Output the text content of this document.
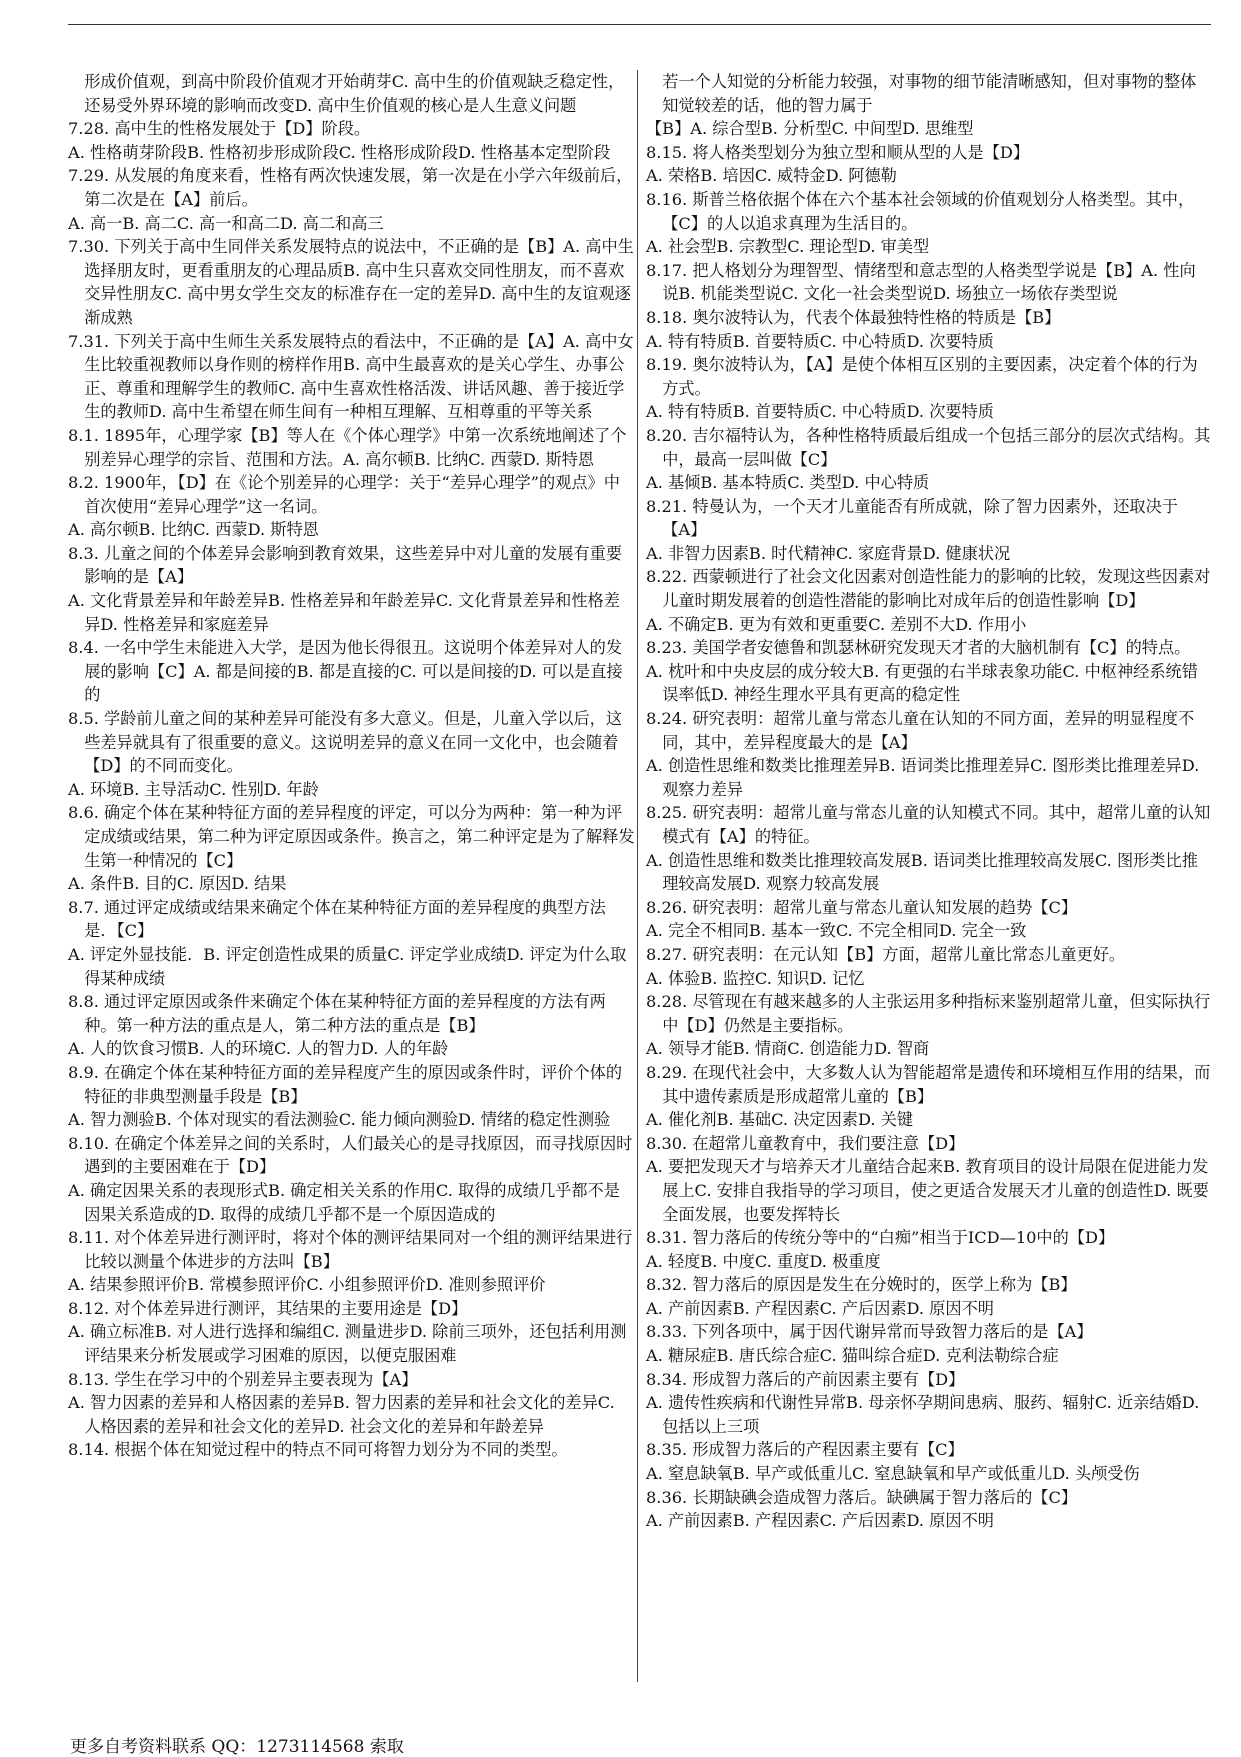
形成价值观，到高中阶段价值观才开始萌芽C. 高中生的价值观缺乏稳定性，还易受外界环境的影响而改变D. 高中生价值观的核心是人生意义问题

7.28. 高中生的性格发展处于【D】阶段。

A. 性格萌芽阶段B. 性格初步形成阶段C. 性格形成阶段D. 性格基本定型阶段

7.29. 从发展的角度来看，性格有两次快速发展，第一次是在小学六年级前后，第二次是在【A】前后。

A. 高一B. 高二C. 高一和高二D. 高二和高三

7.30. 下列关于高中生同伴关系发展特点的说法中，不正确的是【B】A. 高中生选择朋友时，更看重朋友的心理品质B. 高中生只喜欢交同性朋友，而不喜欢交异性朋友C. 高中男女学生交友的标准存在一定的差异D. 高中生的友谊观逐渐成熟

7.31. 下列关于高中生师生关系发展特点的看法中，不正确的是【A】A. 高中女生比较重视教师以身作则的榜样作用B. 高中生最喜欢的是关心学生、办事公正、尊重和理解学生的教师C. 高中生喜欢性格活泼、讲话风趣、善于接近学生的教师D. 高中生希望在师生间有一种相互理解、互相尊重的平等关系

8.1. 1895年，心理学家【B】等人在《个体心理学》中第一次系统地阐述了个别差异心理学的宗旨、范围和方法。A. 高尔顿B. 比纳C. 西蒙D. 斯特恩

8.2. 1900年，【D】在《论个别差异的心理学：关于“差异心理学”的观点》中首次使用“差异心理学”这一名词。

A. 高尔顿B. 比纳C. 西蒙D. 斯特恩

8.3. 儿童之间的个体差异会影响到教育效果，这些差异中对儿童的发展有重要影响的是【A】

A. 文化背景差异和年龄差异B. 性格差异和年龄差异C. 文化背景差异和性格差异D. 性格差异和家庭差异

8.4. 一名中学生未能进入大学，是因为他长得很丑。这说明个体差异对人的发展的影响【C】A. 都是间接的B. 都是直接的C. 可以是间接的D. 可以是直接的

8.5. 学龄前儿童之间的某种差异可能没有多大意义。但是，儿童入学以后，这些差异就具有了很重要的意义。这说明差异的意义在同一文化中，也会随着【D】的不同而变化。

A. 环境B. 主导活动C. 性别D. 年龄

8.6. 确定个体在某种特征方面的差异程度的评定，可以分为两种：第一种为评定成绩或结果，第二种为评定原因或条件。换言之，第二种评定是为了解释发生第一种情况的【C】

A. 条件B. 目的C. 原因D. 结果

8.7. 通过评定成绩或结果来确定个体在某种特征方面的差异程度的典型方法是．【C】

A. 评定外显技能．B. 评定创造性成果的质量C. 评定学业成绩D. 评定为什么取得某种成绩

8.8. 通过评定原因或条件来确定个体在某种特征方面的差异程度的方法有两种。第一种方法的重点是人，第二种方法的重点是【B】

A. 人的饮食习惯B. 人的环境C. 人的智力D. 人的年龄

8.9. 在确定个体在某种特征方面的差异程度产生的原因或条件时，评价个体的特征的非典型测量手段是【B】

A. 智力测验B. 个体对现实的看法测验C. 能力倾向测验D. 情绪的稳定性测验

8.10. 在确定个体差异之间的关系时，人们最关心的是寻找原因，而寻找原因时遇到的主要困难在于【D】

A. 确定因果关系的表现形式B. 确定相关关系的作用C. 取得的成绩几乎都不是因果关系造成的D. 取得的成绩几乎都不是一个原因造成的

8.11. 对个体差异进行测评时，将对个体的测评结果同对一个组的测评结果进行比较以测量个体进步的方法叫【B】

A. 结果参照评价B. 常模参照评价C. 小组参照评价D. 准则参照评价

8.12. 对个体差异进行测评，其结果的主要用途是【D】

A. 确立标准B. 对人进行选择和编组C. 测量进步D. 除前三项外，还包括利用测评结果来分析发展或学习困难的原因，以便克服困难

8.13. 学生在学习中的个别差异主要表现为【A】

A. 智力因素的差异和人格因素的差异B. 智力因素的差异和社会文化的差异C. 人格因素的差异和社会文化的差异D. 社会文化的差异和年龄差异

8.14. 根据个体在知觉过程中的特点不同可将智力划分为不同的类型。

若一个人知觉的分析能力较强，对事物的细节能清晰感知，但对事物的整体知觉较差的话，他的智力属于

【B】A. 综合型B. 分析型C. 中间型D. 思维型

8.15. 将人格类型划分为独立型和顺从型的人是【D】

A. 荣格B. 培因C. 威特金D. 阿德勒

8.16. 斯普兰格依据个体在六个基本社会领域的价值观划分人格类型。其中，【C】的人以追求真理为生活目的。

A. 社会型B. 宗教型C. 理论型D. 审美型

8.17. 把人格划分为理智型、情绪型和意志型的人格类型学说是【B】A. 性向说B. 机能类型说C. 文化一社会类型说D. 场独立一场依存类型说

8.18. 奥尔波特认为，代表个体最独特性格的特质是【B】

A. 特有特质B. 首要特质C. 中心特质D. 次要特质

8.19. 奥尔波特认为，【A】是使个体相互区别的主要因素，决定着个体的行为方式。

A. 特有特质B. 首要特质C. 中心特质D. 次要特质

8.20. 吉尔福特认为，各种性格特质最后组成一个包括三部分的层次式结构。其中，最高一层叫做【C】

A. 基倾B. 基本特质C. 类型D. 中心特质

8.21. 特曼认为，一个天才儿童能否有所成就，除了智力因素外，还取决于【A】

A. 非智力因素B. 时代精神C. 家庭背景D. 健康状况

8.22. 西蒙顿进行了社会文化因素对创造性能力的影响的比较，发现这些因素对儿童时期发展着的创造性潜能的影响比对成年后的创造性影响【D】

A. 不确定B. 更为有效和更重要C. 差别不大D. 作用小

8.23. 美国学者安德鲁和凯瑟林研究发现天才者的大脑机制有【C】的特点。

A. 枕叶和中央皮层的成分较大B. 有更强的右半球表象功能C. 中枢神经系统错误率低D. 神经生理水平具有更高的稳定性

8.24. 研究表明：超常儿童与常态儿童在认知的不同方面，差异的明显程度不同，其中，差异程度最大的是【A】

A. 创造性思维和数类比推理差异B. 语词类比推理差异C. 图形类比推理差异D. 观察力差异

8.25. 研究表明：超常儿童与常态儿童的认知模式不同。其中，超常儿童的认知模式有【A】的特征。

A. 创造性思维和数类比推理较高发展B. 语词类比推理较高发展C. 图形类比推理较高发展D. 观察力较高发展

8.26. 研究表明：超常儿童与常态儿童认知发展的趋势【C】

A. 完全不相同B. 基本一致C. 不完全相同D. 完全一致

8.27. 研究表明：在元认知【B】方面，超常儿童比常态儿童更好。

A. 体验B. 监控C. 知识D. 记忆

8.28. 尽管现在有越来越多的人主张运用多种指标来鉴别超常儿童，但实际执行中【D】仍然是主要指标。

A. 领导才能B. 情商C. 创造能力D. 智商

8.29. 在现代社会中，大多数人认为智能超常是遗传和环境相互作用的结果，而其中遗传素质是形成超常儿童的【B】

A. 催化剂B. 基础C. 决定因素D. 关键

8.30. 在超常儿童教育中，我们要注意【D】

A. 要把发现天才与培养天才儿童结合起来B. 教育项目的设计局限在促进能力发展上C. 安排自我指导的学习项目，使之更适合发展天才儿童的创造性D. 既要全面发展，也要发挥特长

8.31. 智力落后的传统分等中的“白痴”相当于ICD—10中的【D】

A. 轻度B. 中度C. 重度D. 极重度

8.32. 智力落后的原因是发生在分娩时的，医学上称为【B】

A. 产前因素B. 产程因素C. 产后因素D. 原因不明

8.33. 下列各项中，属于因代谢异常而导致智力落后的是【A】

A. 糖尿症B. 唐氏综合症C. 猫叫综合症D. 克利法勒综合症

8.34. 形成智力落后的产前因素主要有【D】

A. 遗传性疾病和代谢性异常B. 母亲怀孕期间患病、服药、辐射C. 近亲结婚D. 包括以上三项

8.35. 形成智力落后的产程因素主要有【C】

A. 窒息缺氧B. 早产或低重儿C. 窒息缺氧和早产或低重儿D. 头颅受伤

8.36. 长期缺碘会造成智力落后。缺碘属于智力落后的【C】

A. 产前因素B. 产程因素C. 产后因素D. 原因不明

更多自考资料联系 QQ：1273114568 索取
